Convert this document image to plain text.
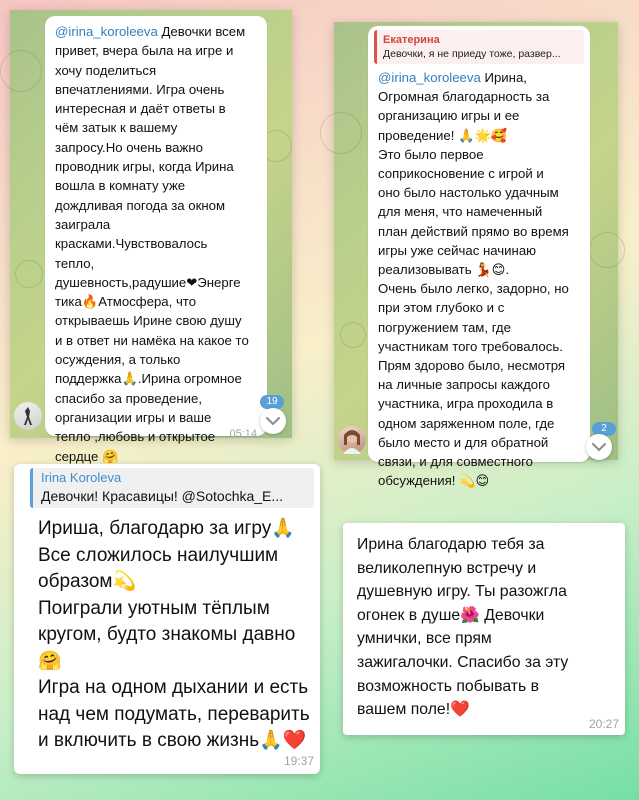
@irina_koroleeva Девочки всем
привет, вчера была на игре и
хочу поделиться
впечатлениями. Игра очень
интересная и даёт ответы в
чём затык к вашему
запросу.Но очень важно
проводник игры, когда Ирина
вошла в комнату уже
дождливая погода за окном
заиграла
красками.Чувствовалось
тепло,
душевность,радушие❤Энерге
тика🔥Атмосфера, что
открываешь Ирине свою душу
и в ответ ни намёка на какое то
осуждения, а только
поддержка🙏.Ирина огромное
спасибо за проведение,
организации игры и ваше
тепло ,любовь и открытое
сердце 🤗
05:14
19
Екатерина
Девочки, я не приеду тоже, развер...
@irina_koroleeva Ирина,
Огромная благодарность за
организацию игры и ее
проведение! 🙏🌟🥰
Это было первое
соприкосновение с игрой и
оно было настолько удачным
для меня, что намеченный
план действий прямо во время
игры уже сейчас начинаю
реализовывать 💃😊.
Очень было легко, задорно, но
при этом глубоко и с
погружением там, где
участникам того требовалось.
Прям здорово было, несмотря
на личные запросы каждого
участника, игра проходила в
одном заряженном поле, где
было место и для обратной
связи, и для совместного
обсуждения! 💫😊
2
Irina Koroleva
Девочки! Красавицы! @Sotochka_E...
Ириша, благодарю за игру🙏
Все сложилось наилучшим
образом💫
Поиграли уютным тёплым
кругом, будто знакомы давно
🤗
Игра на одном дыхании и есть
над чем подумать, переварить
и включить в свою жизнь🙏❤️
19:37
Ирина благодарю тебя за
великолепную встречу и
душевную игру. Ты разожгла
огонек в душе🌺 Девочки
умнички, все прям
зажигалочки. Спасибо за эту
возможность побывать в
вашем поле!❤️
20:27
